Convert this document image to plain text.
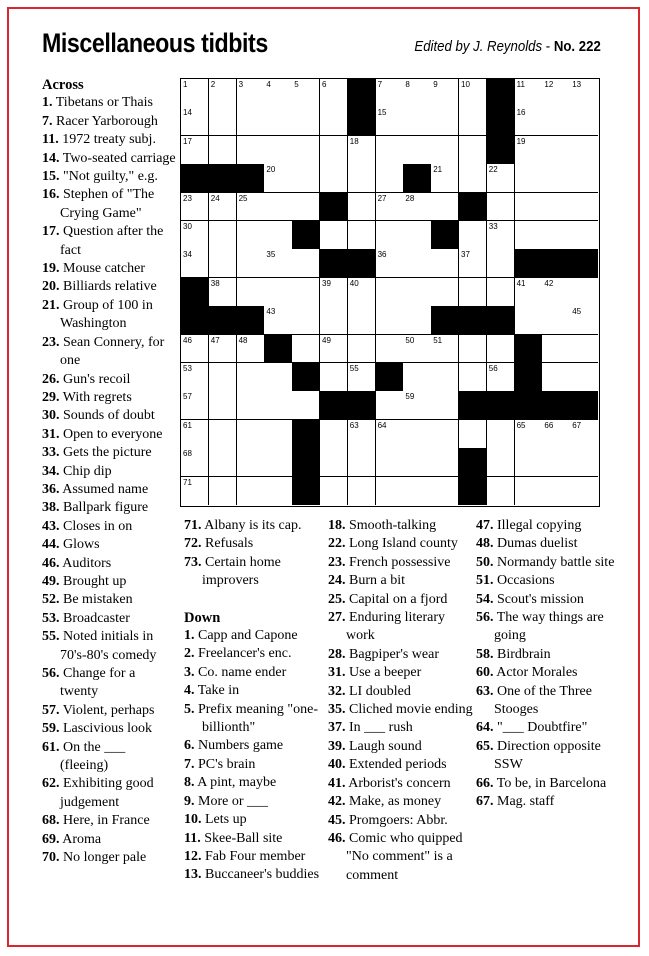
Miscellaneous tidbits	Edited by J. Reynolds - No. 222
1	2	3	4	5	6	7	8	9	10	11 12 13
14	15	16
17	18	19
20	21	22
23 24 25	27 28
30	33
34	35	36	37
38	39 40	41 42
43	45
46 47 48	49	50 51
53	55	56
57	59
61	63 64	65 66 67
68
71
Across
1. Tibetans or Thais
7. Racer Yarborough
11. 1972 treaty subj.
14. Two-seated carriage
15. "Not guilty," e.g.
16. Stephen of "The Crying Game"
17. Question after the fact
19. Mouse catcher
20. Billiards relative
21. Group of 100 in Washington
23. Sean Connery, for one
26. Gun's recoil
29. With regrets
30. Sounds of doubt
31. Open to everyone
33. Gets the picture
34. Chip dip
36. Assumed name
38. Ballpark figure
43. Closes in on
44. Glows
46. Auditors
49. Brought up
52. Be mistaken
53. Broadcaster
55. Noted initials in 70's-80's comedy
56. Change for a twenty
57. Violent, perhaps
59. Lascivious look
61. On the ___ (fleeing)
62. Exhibiting good judgement
68. Here, in France
69. Aroma
70. No longer pale
71. Albany is its cap.
72. Refusals
73. Certain home improvers
Down
1. Capp and Capone
2. Freelancer's enc.
3. Co. name ender
4. Take in
5. Prefix meaning "one-billionth"
6. Numbers game
7. PC's brain
8. A pint, maybe
9. More or ___
10. Lets up
11. Skee-Ball site
12. Fab Four member
13. Buccaneer's buddies
18. Smooth-talking
22. Long Island county
23. French possessive
24. Burn a bit
25. Capital on a fjord
27. Enduring literary work
28. Bagpiper's wear
31. Use a beeper
32. LI doubled
35. Cliched movie ending
37. In ___ rush
39. Laugh sound
40. Extended periods
41. Arborist's concern
42. Make, as money
45. Promgoers: Abbr.
46. Comic who quipped "No comment" is a comment
47. Illegal copying
48. Dumas duelist
50. Normandy battle site
51. Occasions
54. Scout's mission
56. The way things are going
58. Birdbrain
60. Actor Morales
63. One of the Three Stooges
64. "___ Doubtfire"
65. Direction opposite SSW
66. To be, in Barcelona
67. Mag. staff
